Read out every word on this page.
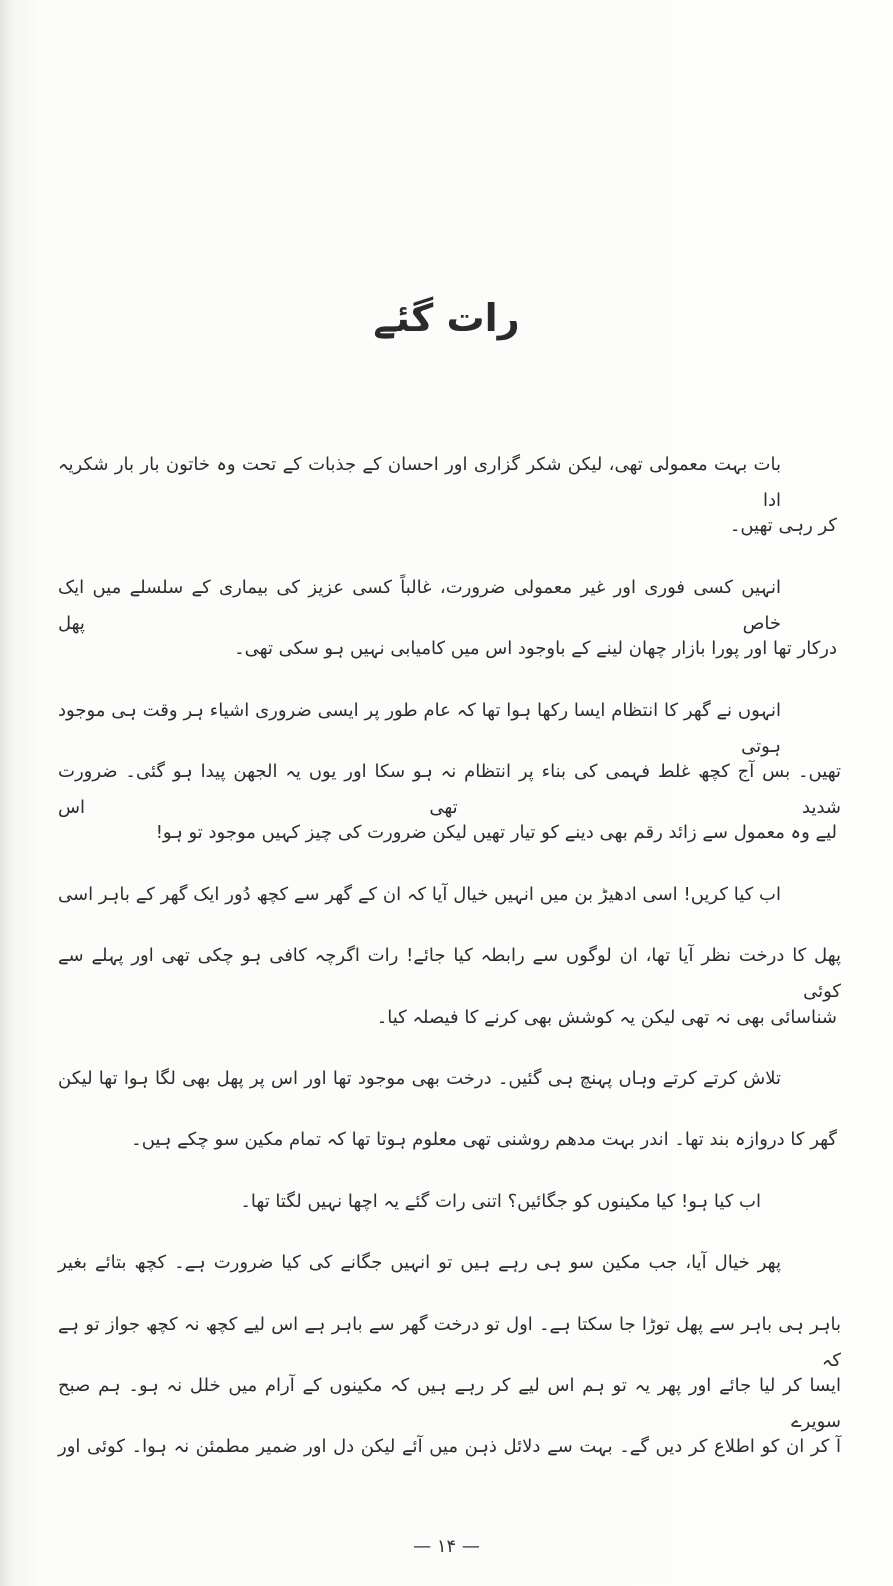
رات گئے
بات بہت معمولی تھی، لیکن شکر گزاری اور احسان کے جذبات کے تحت وہ خاتون بار بار شکریہ ادا
کر رہی تھیں۔
انہیں کسی فوری اور غیر معمولی ضرورت، غالباً کسی عزیز کی بیماری کے سلسلے میں ایک خاص پھل
درکار تھا اور پورا بازار چھان لینے کے باوجود اس میں کامیابی نہیں ہو سکی تھی۔
انہوں نے گھر کا انتظام ایسا رکھا ہوا تھا کہ عام طور پر ایسی ضروری اشیاء ہر وقت ہی موجود ہوتی
تھیں۔ بس آج کچھ غلط فہمی کی بناء پر انتظام نہ ہو سکا اور یوں یہ الجھن پیدا ہو گئی۔ ضرورت شدید تھی اس
لیے وہ معمول سے زائد رقم بھی دینے کو تیار تھیں لیکن ضرورت کی چیز کہیں موجود تو ہو!
اب کیا کریں! اسی ادھیڑ بن میں انہیں خیال آیا کہ ان کے گھر سے کچھ دُور ایک گھر کے باہر اسی
پھل کا درخت نظر آیا تھا، ان لوگوں سے رابطہ کیا جائے! رات اگرچہ کافی ہو چکی تھی اور پہلے سے کوئی
شناسائی بھی نہ تھی لیکن یہ کوشش بھی کرنے کا فیصلہ کیا۔
تلاش کرتے کرتے وہاں پہنچ ہی گئیں۔ درخت بھی موجود تھا اور اس پر پھل بھی لگا ہوا تھا لیکن
گھر کا دروازہ بند تھا۔ اندر بہت مدھم روشنی تھی معلوم ہوتا تھا کہ تمام مکین سو چکے ہیں۔
اب کیا ہو! کیا مکینوں کو جگائیں؟ اتنی رات گئے یہ اچھا نہیں لگتا تھا۔
پھر خیال آیا، جب مکین سو ہی رہے ہیں تو انہیں جگانے کی کیا ضرورت ہے۔ کچھ بتائے بغیر
باہر ہی باہر سے پھل توڑا جا سکتا ہے۔ اول تو درخت گھر سے باہر ہے اس لیے کچھ نہ کچھ جواز تو ہے کہ
ایسا کر لیا جائے اور پھر یہ تو ہم اس لیے کر رہے ہیں کہ مکینوں کے آرام میں خلل نہ ہو۔ ہم صبح سویرے
آ کر ان کو اطلاع کر دیں گے۔ بہت سے دلائل ذہن میں آئے لیکن دل اور ضمیر مطمئن نہ ہوا۔ کوئی اور
— ۱۴ —
